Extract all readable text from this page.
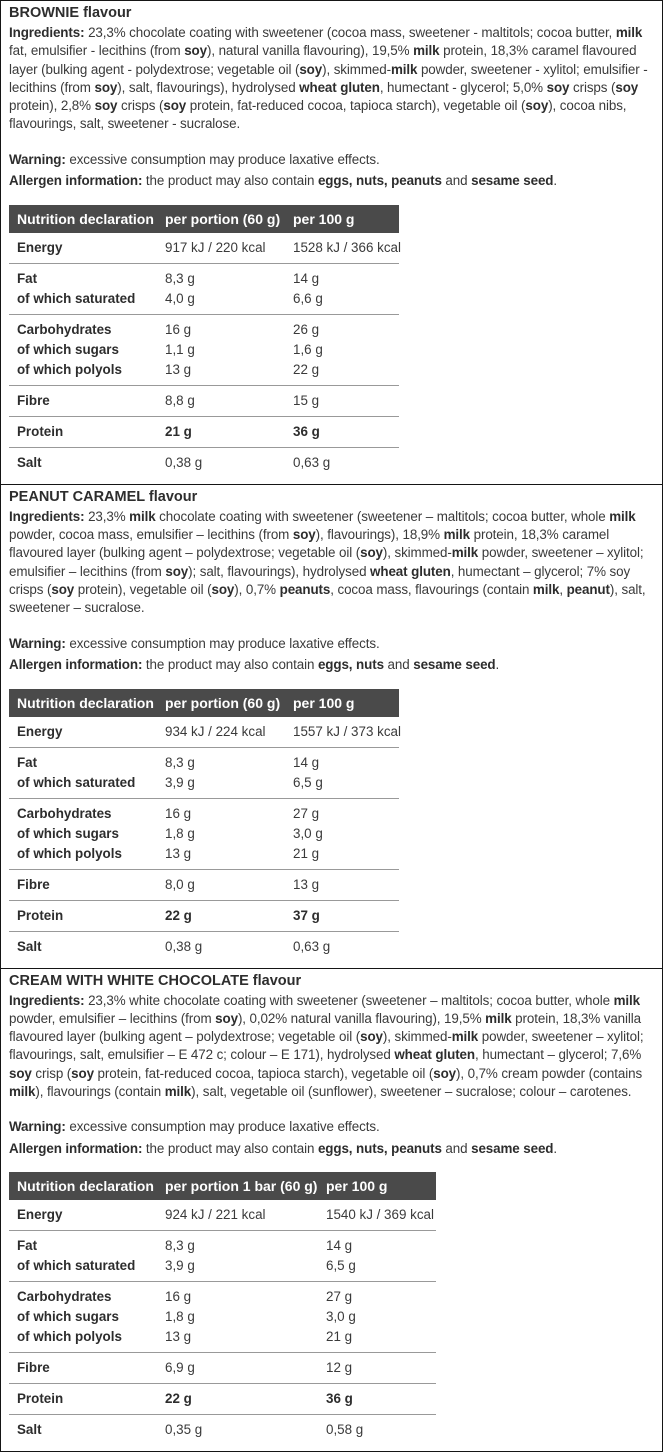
BROWNIE flavour

Ingredients: 23,3% chocolate coating with sweetener (cocoa mass, sweetener - maltitols; cocoa butter, milk fat, emulsifier - lecithins (from soy), natural vanilla flavouring), 19,5% milk protein, 18,3% caramel flavoured layer (bulking agent - polydextrose; vegetable oil (soy), skimmed-milk powder, sweetener - xylitol; emulsifier - lecithins (from soy), salt, flavourings), hydrolysed wheat gluten, humectant - glycerol; 5,0% soy crisps (soy protein), 2,8% soy crisps (soy protein, fat-reduced cocoa, tapioca starch), vegetable oil (soy), cocoa nibs, flavourings, salt, sweetener - sucralose.

Warning: excessive consumption may produce laxative effects.

Allergen information: the product may also contain eggs, nuts, peanuts and sesame seed.

Nutrition declaration	per portion (60 g)	per 100 g
Energy	917 kJ / 220 kcal	1528 kJ / 366 kcal
Fat	8,3 g	14 g
of which saturated	4,0 g	6,6 g
Carbohydrates	16 g	26 g
of which sugars	1,1 g	1,6 g
of which polyols	13 g	22 g
Fibre	8,8 g	15 g
Protein	21 g	36 g
Salt	0,38 g	0,63 g
PEANUT CARAMEL flavour

Ingredients: 23,3% milk chocolate coating with sweetener (sweetener – maltitols; cocoa butter, whole milk powder, cocoa mass, emulsifier – lecithins (from soy), flavourings), 18,9% milk protein, 18,3% caramel flavoured layer (bulking agent – polydextrose; vegetable oil (soy), skimmed-milk powder, sweetener – xylitol; emulsifier – lecithins (from soy); salt, flavourings), hydrolysed wheat gluten, humectant – glycerol; 7% soy crisps (soy protein), vegetable oil (soy), 0,7% peanuts, cocoa mass, flavourings (contain milk, peanut), salt, sweetener – sucralose.

Warning: excessive consumption may produce laxative effects.

Allergen information: the product may also contain eggs, nuts and sesame seed.

Nutrition declaration	per portion (60 g)	per 100 g
Energy	934 kJ / 224 kcal	1557 kJ / 373 kcal
Fat	8,3 g	14 g
of which saturated	3,9 g	6,5 g
Carbohydrates	16 g	27 g
of which sugars	1,8 g	3,0 g
of which polyols	13 g	21 g
Fibre	8,0 g	13 g
Protein	22 g	37 g
Salt	0,38 g	0,63 g
CREAM WITH WHITE CHOCOLATE flavour

Ingredients: 23,3% white chocolate coating with sweetener (sweetener – maltitols; cocoa butter, whole milk powder, emulsifier – lecithins (from soy), 0,02% natural vanilla flavouring), 19,5% milk protein, 18,3% vanilla flavoured layer (bulking agent – polydextrose; vegetable oil (soy), skimmed-milk powder, sweetener – xylitol; flavourings, salt, emulsifier – E 472 c; colour – E 171), hydrolysed wheat gluten, humectant – glycerol; 7,6% soy crisp (soy protein, fat-reduced cocoa, tapioca starch), vegetable oil (soy), 0,7% cream powder (contains milk), flavourings (contain milk), salt, vegetable oil (sunflower), sweetener – sucralose; colour – carotenes.

Warning: excessive consumption may produce laxative effects.

Allergen information: the product may also contain eggs, nuts, peanuts and sesame seed.

Nutrition declaration	per portion 1 bar (60 g)	per 100 g
Energy	924 kJ / 221 kcal	1540 kJ / 369 kcal
Fat	8,3 g	14 g
of which saturated	3,9 g	6,5 g
Carbohydrates	16 g	27 g
of which sugars	1,8 g	3,0 g
of which polyols	13 g	21 g
Fibre	6,9 g	12 g
Protein	22 g	36 g
Salt	0,35 g	0,58 g
